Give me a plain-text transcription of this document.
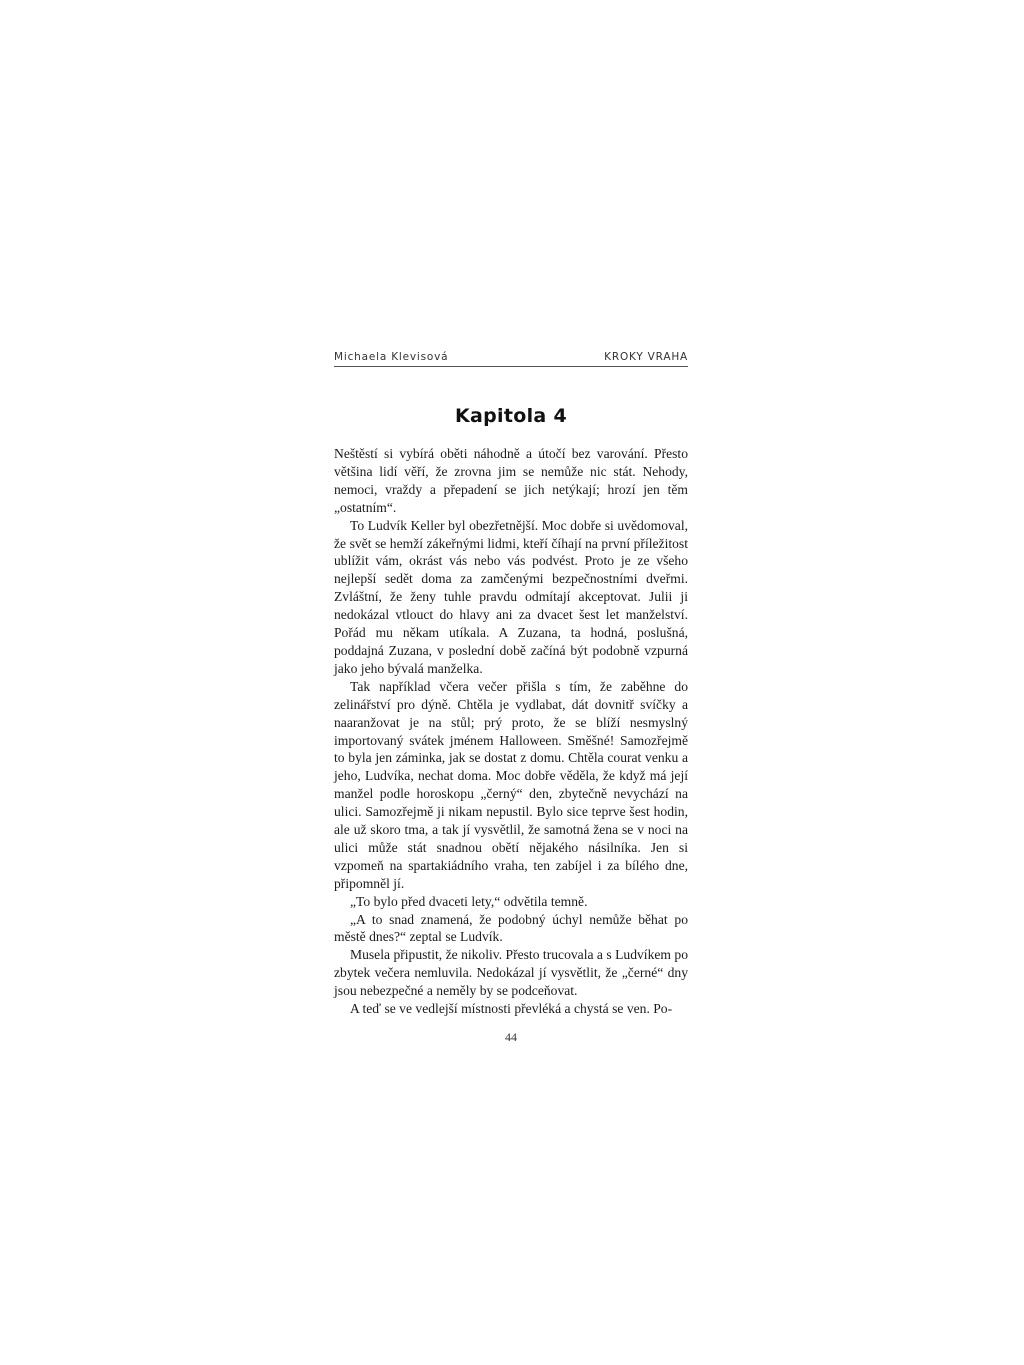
Michaela Klevisová	KROKY VRAHA
Kapitola 4

Neštěstí si vybírá oběti náhodně a útočí bez varování. Přesto většina lidí věří, že zrovna jim se nemůže nic stát. Nehody, nemoci, vraždy a přepadení se jich netýkají; hrozí jen těm „ostatním“.

To Ludvík Keller byl obezřetnější. Moc dobře si uvědomoval, že svět se hemží zákeřnými lidmi, kteří číhají na první příležitost ublížit vám, okrást vás nebo vás podvést. Proto je ze všeho nejlepší sedět doma za zamčenými bezpečnostními dveřmi. Zvláštní, že ženy tuhle pravdu odmítají akceptovat. Julii ji nedokázal vtlouct do hlavy ani za dvacet šest let manželství. Pořád mu někam utíkala. A Zuzana, ta hodná, poslušná, poddajná Zuzana, v poslední době začíná být podobně vzpurná jako jeho bývalá manželka.

Tak například včera večer přišla s tím, že zaběhne do zelinářství pro dýně. Chtěla je vydlabat, dát dovnitř svíčky a naaranžovat je na stůl; prý proto, že se blíží nesmyslný importovaný svátek jménem Halloween. Směšné! Samozřejmě to byla jen záminka, jak se dostat z domu. Chtěla courat venku a jeho, Ludvíka, nechat doma. Moc dobře věděla, že když má její manžel podle horoskopu „černý“ den, zbytečně nevychází na ulici. Samozřejmě ji nikam nepustil. Bylo sice teprve šest hodin, ale už skoro tma, a tak jí vysvětlil, že samotná žena se v noci na ulici může stát snadnou obětí nějakého násilníka. Jen si vzpomeň na spartakiádního vraha, ten zabíjel i za bílého dne, připomněl jí.

„To bylo před dvaceti lety,“ odvětila temně.

„A to snad znamená, že podobný úchyl nemůže běhat po městě dnes?“ zeptal se Ludvík.

Musela připustit, že nikoliv. Přesto trucovala a s Ludvíkem po zbytek večera nemluvila. Nedokázal jí vysvětlit, že „černé“ dny jsou nebezpečné a neměly by se podceňovat.

A teď se ve vedlejší místnosti převléká a chystá se ven. Po-

44
